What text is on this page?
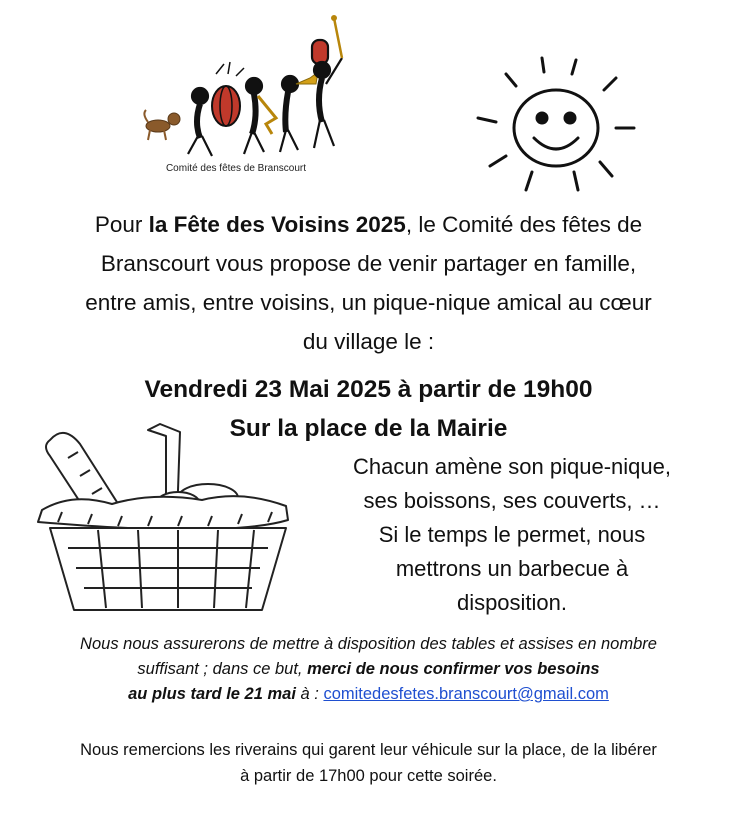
Comité des fêtes de Branscourt
Pour la Fête des Voisins 2025, le Comité des fêtes de
Branscourt vous propose de venir partager en famille,
entre amis, entre voisins, un pique-nique amical au cœur
du village le :
Vendredi 23 Mai 2025 à partir de 19h00
Sur la place de la Mairie
Chacun amène son pique-nique,
ses boissons, ses couverts, …
Si le temps le permet, nous
mettrons un barbecue à
disposition.
Nous nous assurerons de mettre à disposition des tables et assises en nombre
suffisant ; dans ce but, merci de nous confirmer vos besoins
au plus tard le 21 mai à : comitedesfetes.branscourt@gmail.com
Nous remercions les riverains qui garent leur véhicule sur la place, de la libérer
à partir de 17h00 pour cette soirée.
